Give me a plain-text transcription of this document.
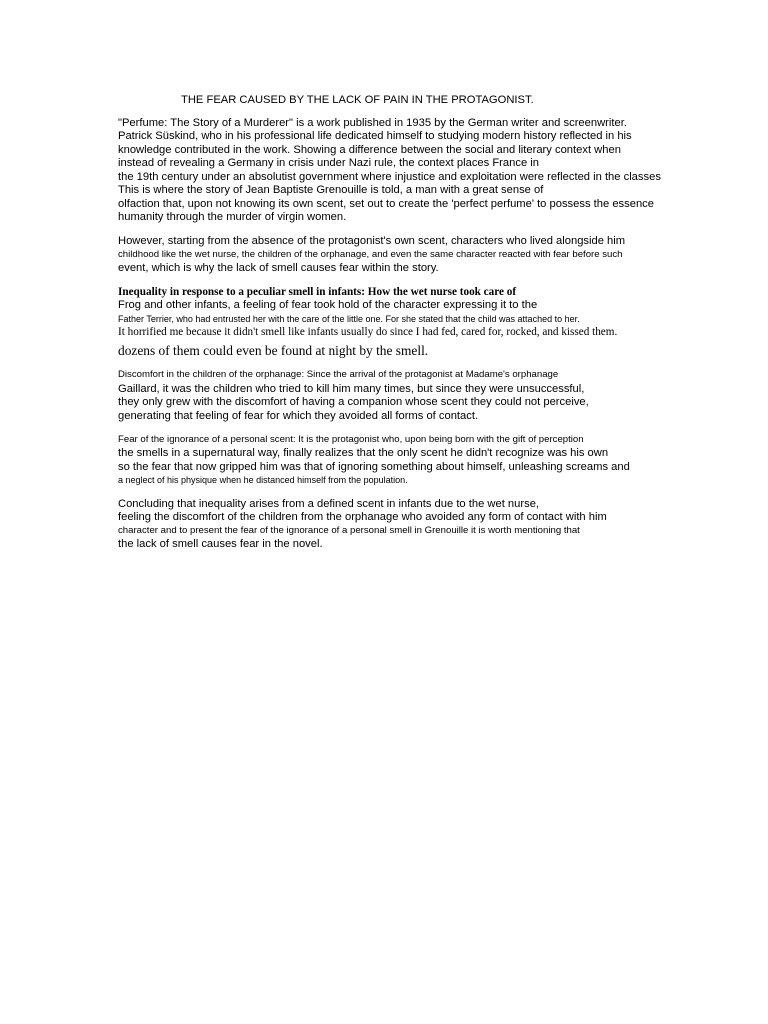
THE FEAR CAUSED BY THE LACK OF PAIN IN THE PROTAGONIST.
"Perfume: The Story of a Murderer" is a work published in 1935 by the German writer and screenwriter.
Patrick Süskind, who in his professional life dedicated himself to studying modern history reflected in his
knowledge contributed in the work. Showing a difference between the social and literary context when
instead of revealing a Germany in crisis under Nazi rule, the context places France in
the 19th century under an absolutist government where injustice and exploitation were reflected in the classes
This is where the story of Jean Baptiste Grenouille is told, a man with a great sense of
olfaction that, upon not knowing its own scent, set out to create the 'perfect perfume' to possess the essence
humanity through the murder of virgin women.
However, starting from the absence of the protagonist's own scent, characters who lived alongside him
childhood like the wet nurse, the children of the orphanage, and even the same character reacted with fear before such
event, which is why the lack of smell causes fear within the story.
Inequality in response to a peculiar smell in infants: How the wet nurse took care of
Frog and other infants, a feeling of fear took hold of the character expressing it to the
Father Terrier, who had entrusted her with the care of the little one. For she stated that the child was attached to her.
It horrified me because it didn't smell like infants usually do since I had fed, cared for, rocked, and kissed them.
dozens of them could even be found at night by the smell.
Discomfort in the children of the orphanage: Since the arrival of the protagonist at Madame's orphanage
Gaillard, it was the children who tried to kill him many times, but since they were unsuccessful,
they only grew with the discomfort of having a companion whose scent they could not perceive,
generating that feeling of fear for which they avoided all forms of contact.
Fear of the ignorance of a personal scent: It is the protagonist who, upon being born with the gift of perception
the smells in a supernatural way, finally realizes that the only scent he didn't recognize was his own
so the fear that now gripped him was that of ignoring something about himself, unleashing screams and
a neglect of his physique when he distanced himself from the population.
Concluding that inequality arises from a defined scent in infants due to the wet nurse,
feeling the discomfort of the children from the orphanage who avoided any form of contact with him
character and to present the fear of the ignorance of a personal smell in Grenouille it is worth mentioning that
the lack of smell causes fear in the novel.
